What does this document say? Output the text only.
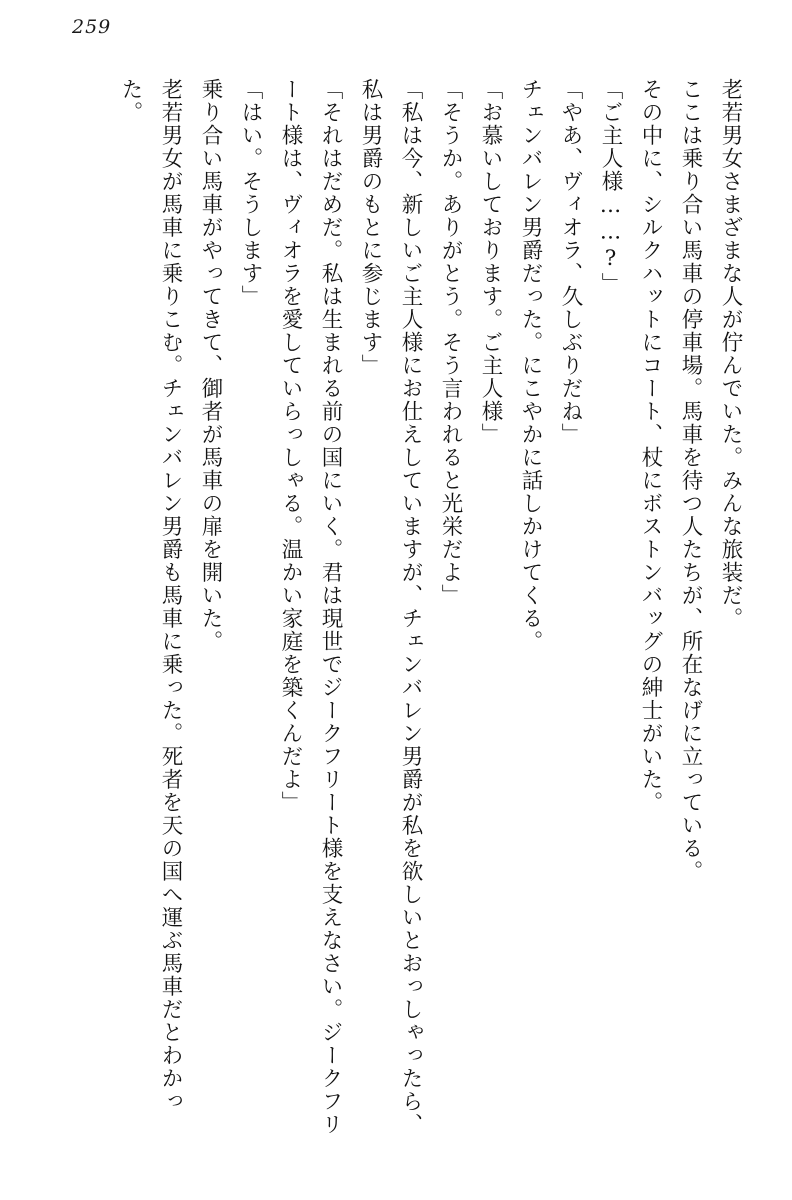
259

老若男女さまざまな人が佇んでいた。みんな旅装だ。

ここは乗り合い馬車の停車場。馬車を待つ人たちが、所在なげに立っている。

その中に、シルクハットにコート、杖にボストンバッグの紳士がいた。

「ご主人様……?」

「やあ、ヴィオラ、久しぶりだね」

チェンバレン男爵だった。にこやかに話しかけてくる。

「お慕いしております。ご主人様」

「そうか。ありがとう。そう言われると光栄だよ」

「私は今、新しいご主人様にお仕えしていますが、チェンバレン男爵が私を欲しいとおっしゃったら、私は男爵のもとに参じます」

「それはだめだ。私は生まれる前の国にいく。君は現世でジークフリート様を支えなさい。ジークフリート様は、ヴィオラを愛していらっしゃる。温かい家庭を築くんだよ」

「はい。そうします」

乗り合い馬車がやってきて、御者が馬車の扉を開いた。

老若男女が馬車に乗りこむ。チェンバレン男爵も馬車に乗った。死者を天の国へ運ぶ馬車だとわかった。
